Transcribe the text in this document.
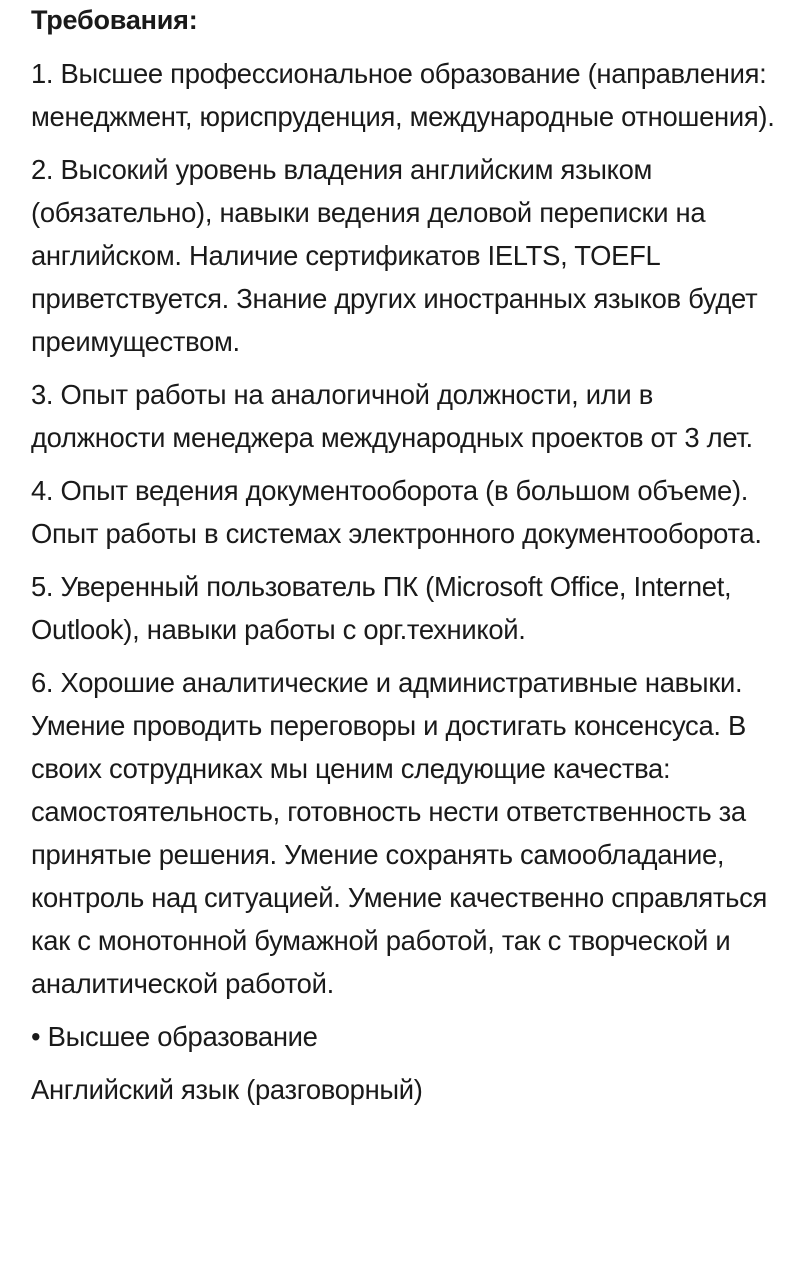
Требования:

1. Высшее профессиональное образование (направления: менеджмент, юриспруденция, международные отношения).

2. Высокий уровень владения английским языком (обязательно), навыки ведения деловой переписки на английском. Наличие сертификатов IELTS, TOEFL приветствуется. Знание других иностранных языков будет преимуществом.

3. Опыт работы на аналогичной должности, или в должности менеджера международных проектов от 3 лет.

4. Опыт ведения документооборота (в большом объеме). Опыт работы в системах электронного документооборота.

5. Уверенный пользователь ПК (Microsoft Office, Internet, Outlook), навыки работы с орг.техникой.

6. Хорошие аналитические и административные навыки. Умение проводить переговоры и достигать консенсуса. В своих сотрудниках мы ценим следующие качества: самостоятельность, готовность нести ответственность за принятые решения. Умение сохранять самообладание, контроль над ситуацией. Умение качественно справляться как с монотонной бумажной работой, так с творческой и аналитической работой.

• Высшее образование

Английский язык (разговорный)
